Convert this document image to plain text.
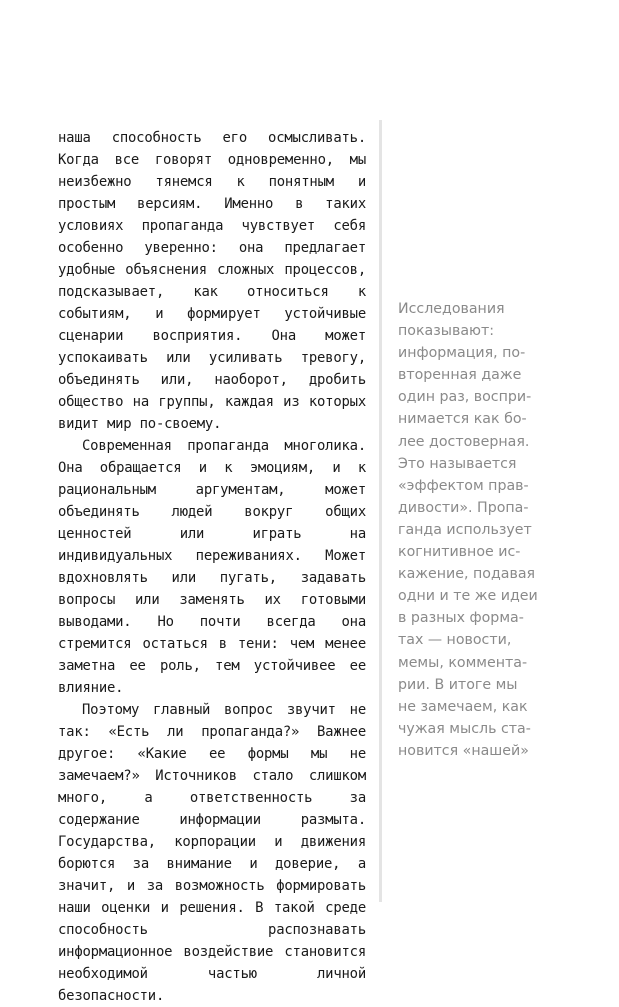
наша способность его осмысливать. Когда все говорят одновременно, мы неизбежно тянемся к понятным и простым версиям. Именно в таких условиях пропаганда чувствует себя особенно уверенно: она предлагает удобные объяснения сложных процессов, подсказывает, как относиться к событиям, и формирует устойчивые сценарии восприятия. Она может успокаивать или усиливать тревогу, объединять или, наоборот, дробить общество на группы, каждая из которых видит мир по-своему.

Современная пропаганда многолика. Она обращается и к эмоциям, и к рациональным аргументам, может объединять людей вокруг общих ценностей или играть на индивидуальных переживаниях. Может вдохновлять или пугать, задавать вопросы или заменять их готовыми выводами. Но почти всегда она стремится остаться в тени: чем менее заметна ее роль, тем устойчивее ее влияние.

Поэтому главный вопрос звучит не так: «Есть ли пропаганда?» Важнее другое: «Какие ее формы мы не замечаем?» Источников стало слишком много, а ответственность за содержание информации размыта. Государства, корпорации и движения борются за внимание и доверие, а значит, и за возможность формировать наши оценки и решения. В такой среде способность распознавать информационное воздействие становится необходимой частью личной безопасности.

Исследования
показывают:
информация, по-
вторенная даже
один раз, воспри-
нимается как бо-
лее достоверная.
Это называется
«эффектом прав-
дивости». Пропа-
ганда использует
когнитивное ис-
кажение, подавая
одни и те же идеи
в разных форма-
тах — новости,
мемы, коммента-
рии. В итоге мы
не замечаем, как
чужая мысль ста-
новится «нашей»
